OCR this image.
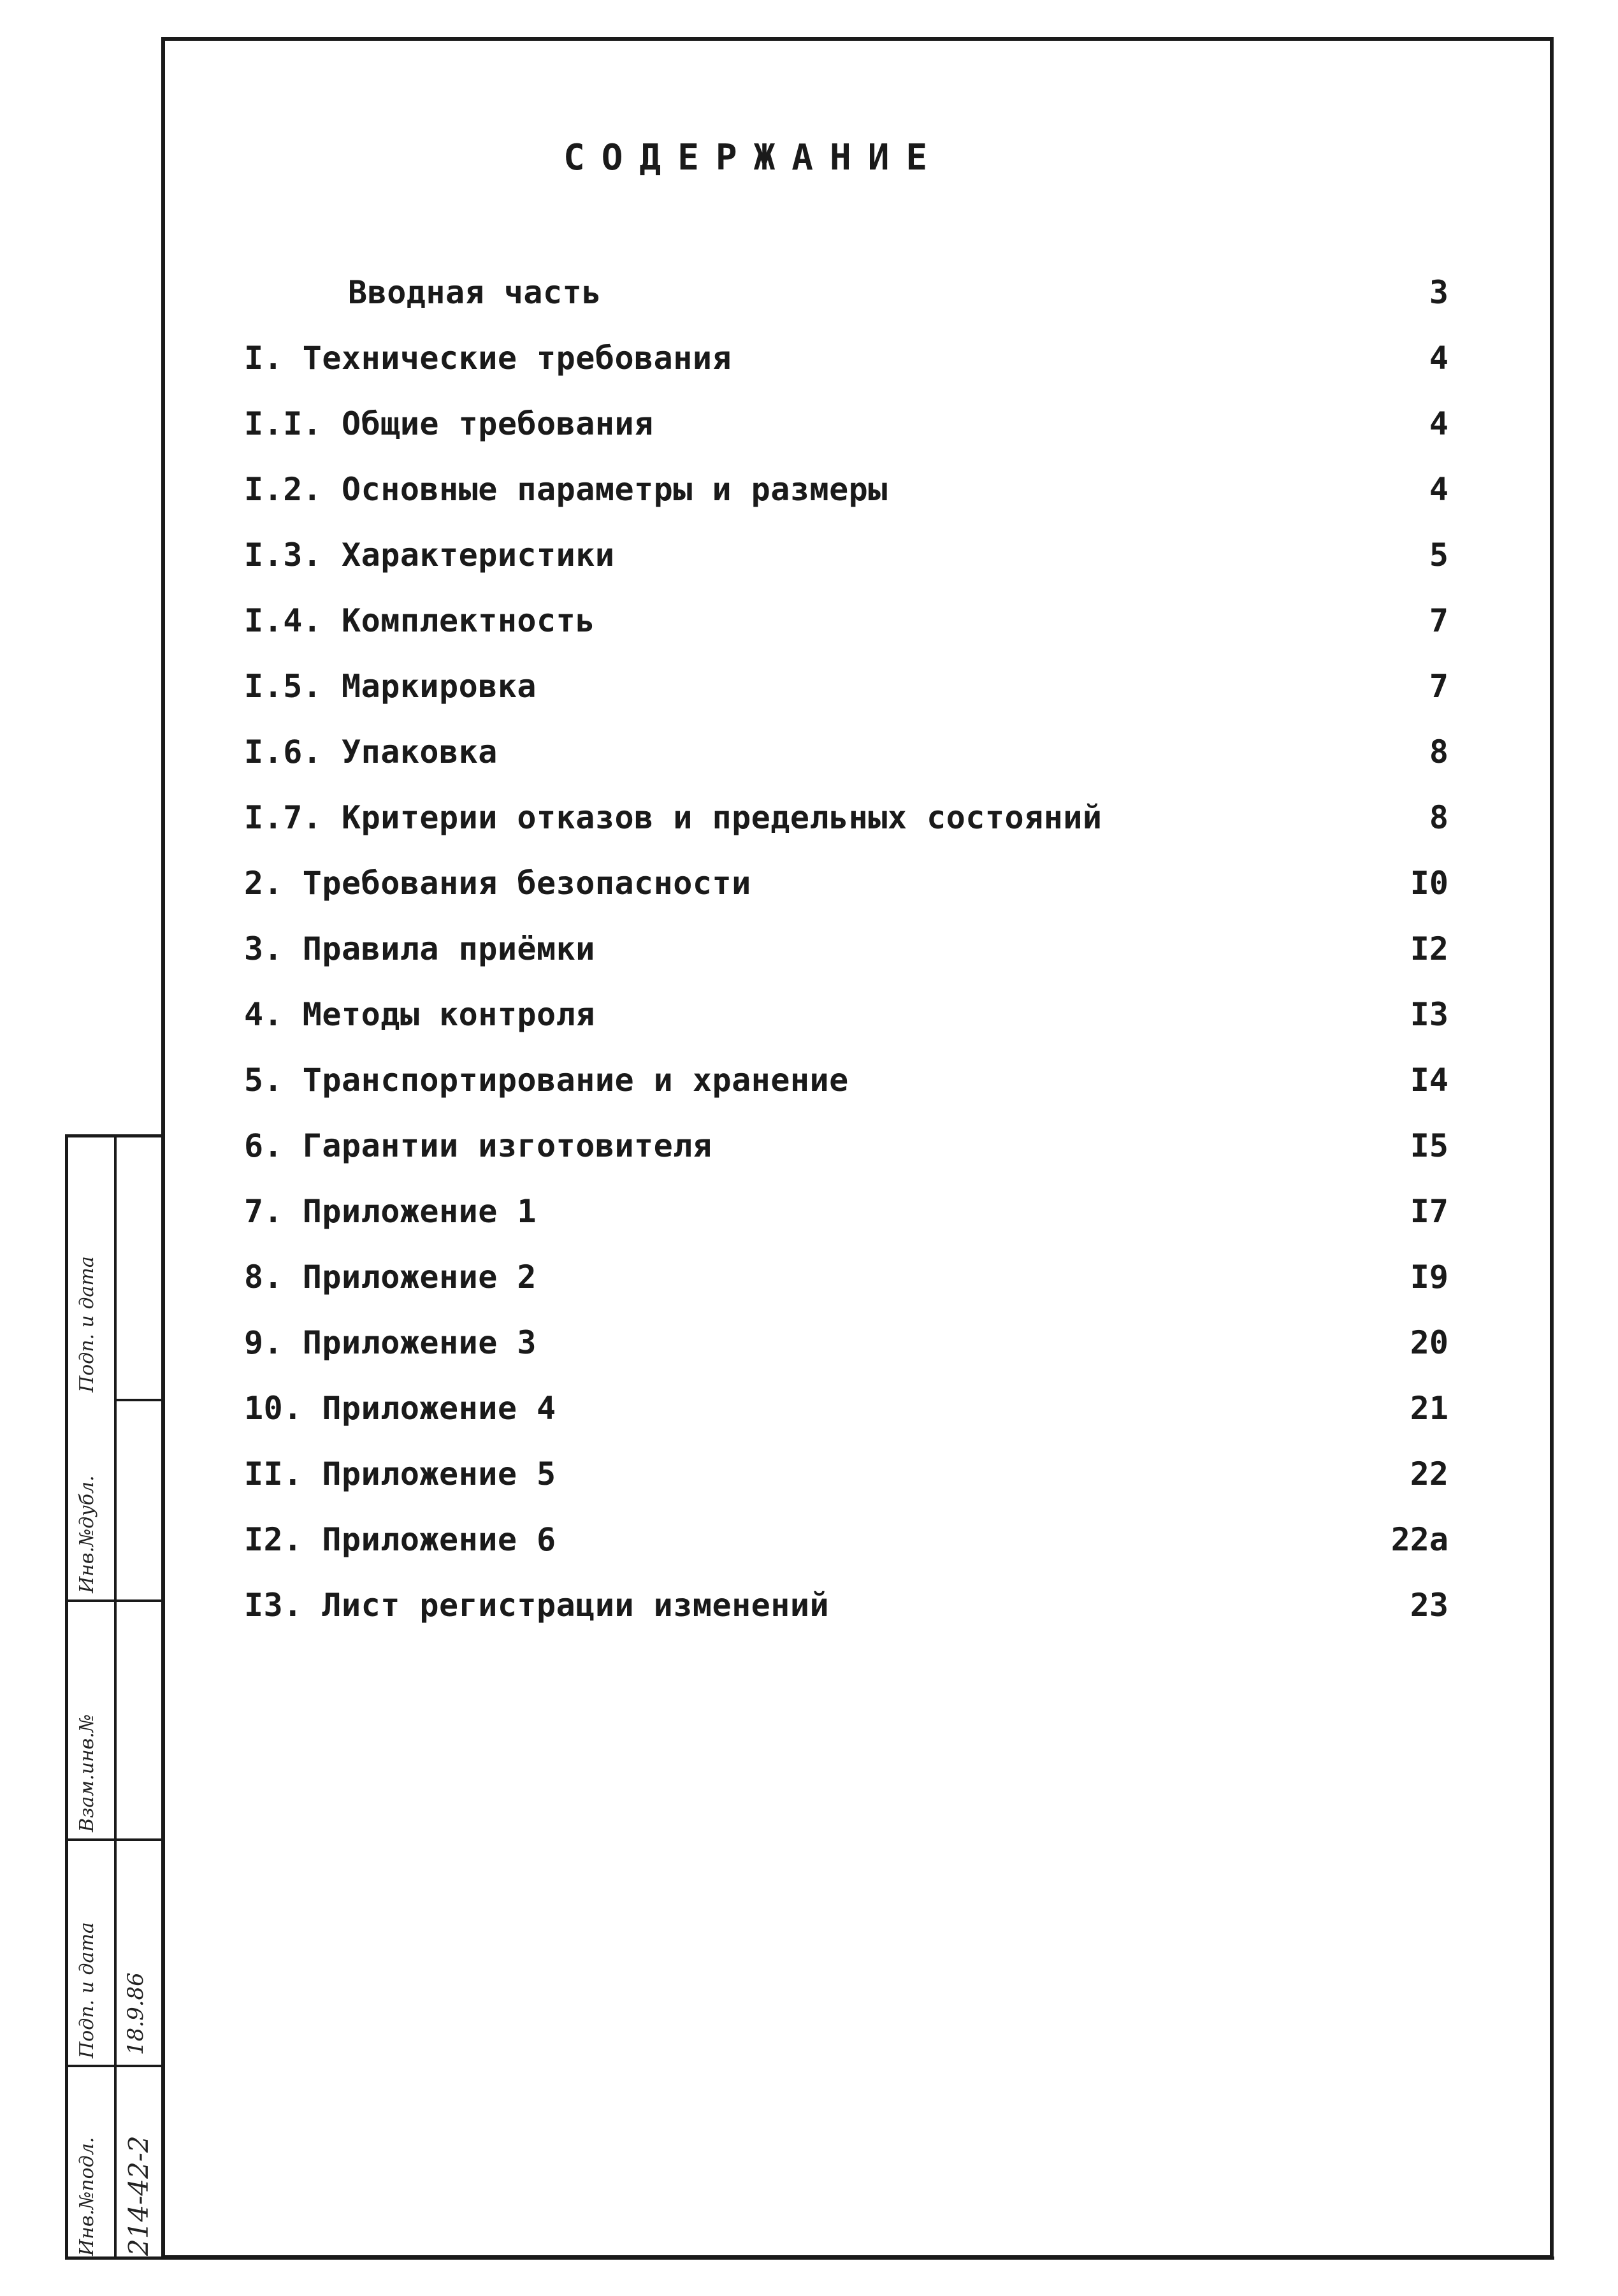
СОДЕРЖАНИЕ
Вводная часть	3
I. Технические требования	4
I.I. Общие требования	4
I.2. Основные параметры и размеры	4
I.3. Характеристики	5
I.4. Комплектность	7
I.5. Маркировка	7
I.6. Упаковка	8
I.7. Критерии отказов и предельных состояний	8
2. Требования безопасности	I0
3. Правила приёмки	I2
4. Методы контроля	I3
5. Транспортирование и хранение	I4
6. Гарантии изготовителя	I5
7. Приложение 1	I7
8. Приложение 2	I9
9. Приложение 3	20
10. Приложение 4	21
II. Приложение 5	22
I2. Приложение 6	22a
I3. Лист регистрации изменений	23
Инв.№подл. 214-42-2
Подп. и дата 18.9.86
Взам.инв.№
Инв.№дубл.
Подп. и дата
